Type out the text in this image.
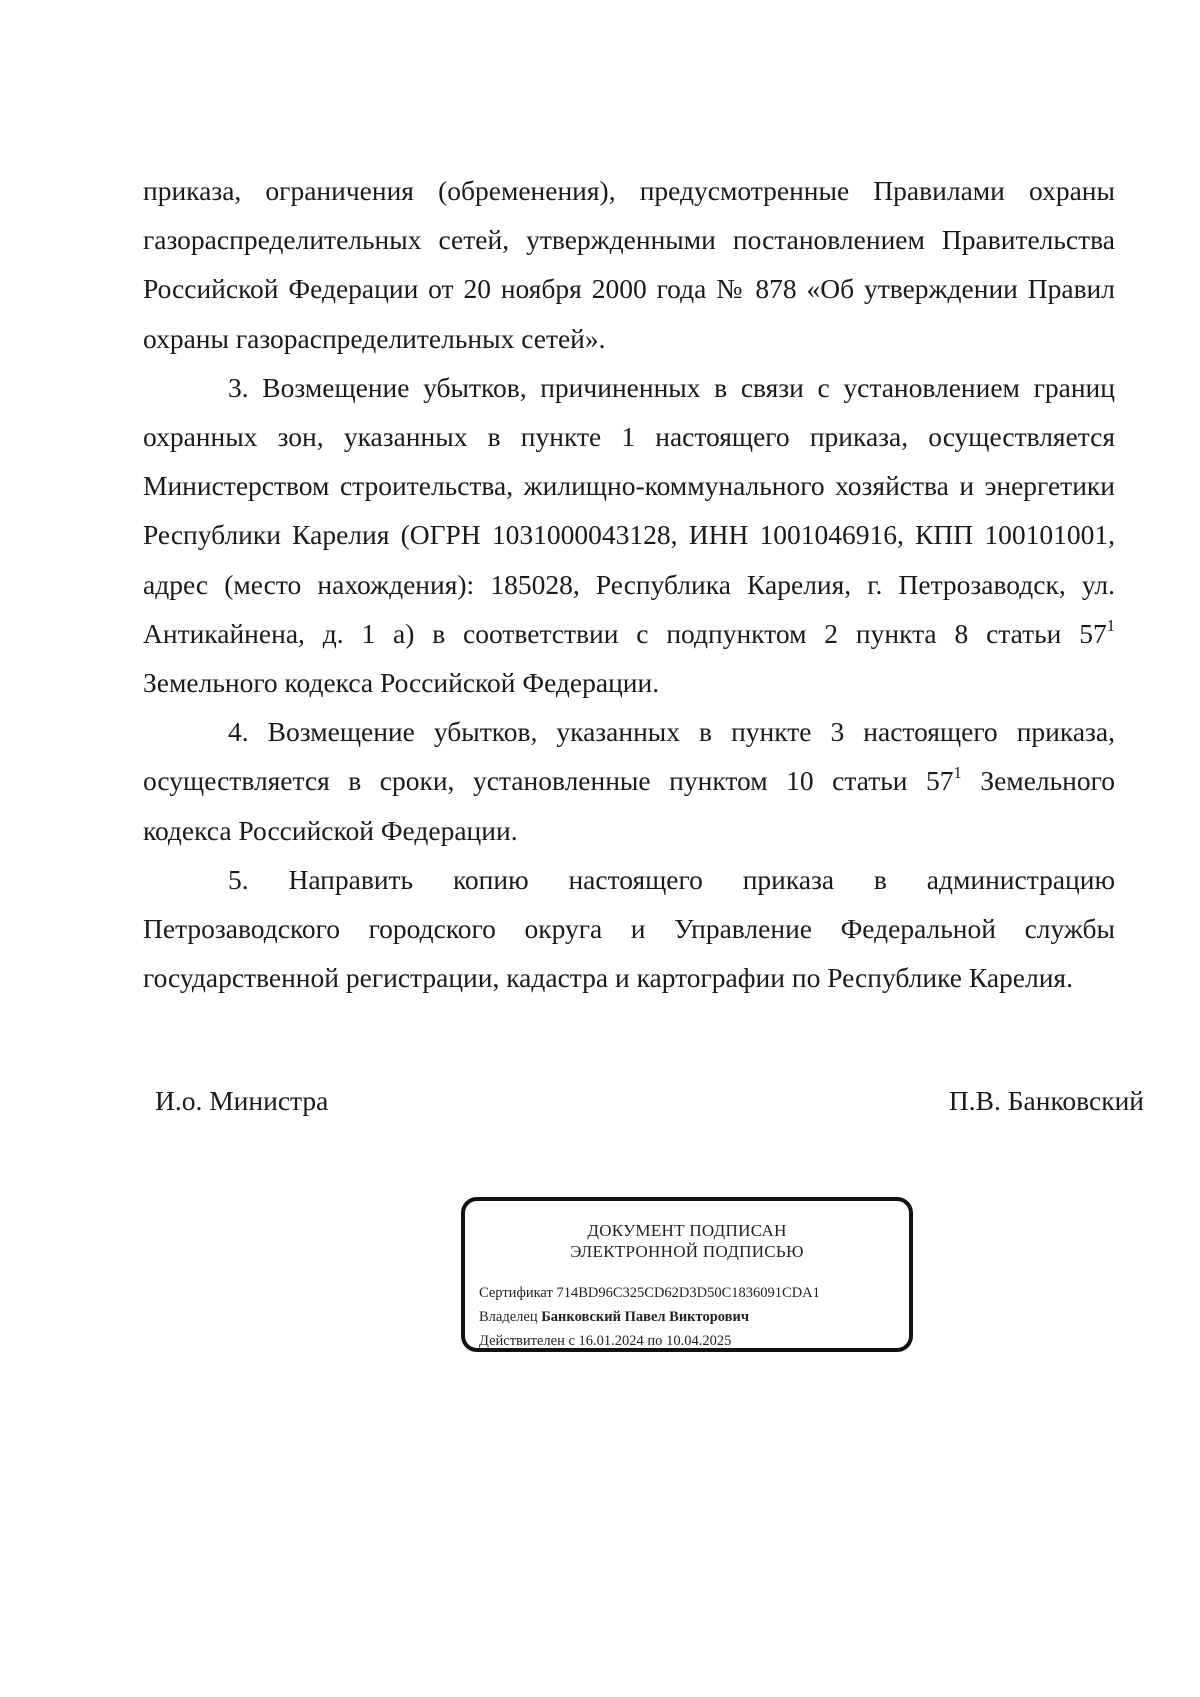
приказа, ограничения (обременения), предусмотренные Правилами охраны газораспределительных сетей, утвержденными постановлением Правительства Российской Федерации от 20 ноября 2000 года № 878 «Об утверждении Правил охраны газораспределительных сетей».

3. Возмещение убытков, причиненных в связи с установлением границ охранных зон, указанных в пункте 1 настоящего приказа, осуществляется Министерством строительства, жилищно-коммунального хозяйства и энергетики Республики Карелия (ОГРН 1031000043128, ИНН 1001046916, КПП 100101001, адрес (место нахождения): 185028, Республика Карелия, г. Петрозаводск, ул. Антикайнена, д. 1 а) в соответствии с подпунктом 2 пункта 8 статьи $57^1$ Земельного кодекса Российской Федерации.

4. Возмещение убытков, указанных в пункте 3 настоящего приказа, осуществляется в сроки, установленные пунктом 10 статьи $57^1$ Земельного кодекса Российской Федерации.

5. Направить копию настоящего приказа в администрацию Петрозаводского городского округа и Управление Федеральной службы государственной регистрации, кадастра и картографии по Республике Карелия.

И.о. Министра	П.В. Банковский
ДОКУМЕНТ ПОДПИСАН
ЭЛЕКТРОННОЙ ПОДПИСЬЮ
Сертификат 714BD96C325CD62D3D50C1836091CDA1
Владелец Банковский Павел Викторович
Действителен с 16.01.2024 по 10.04.2025
